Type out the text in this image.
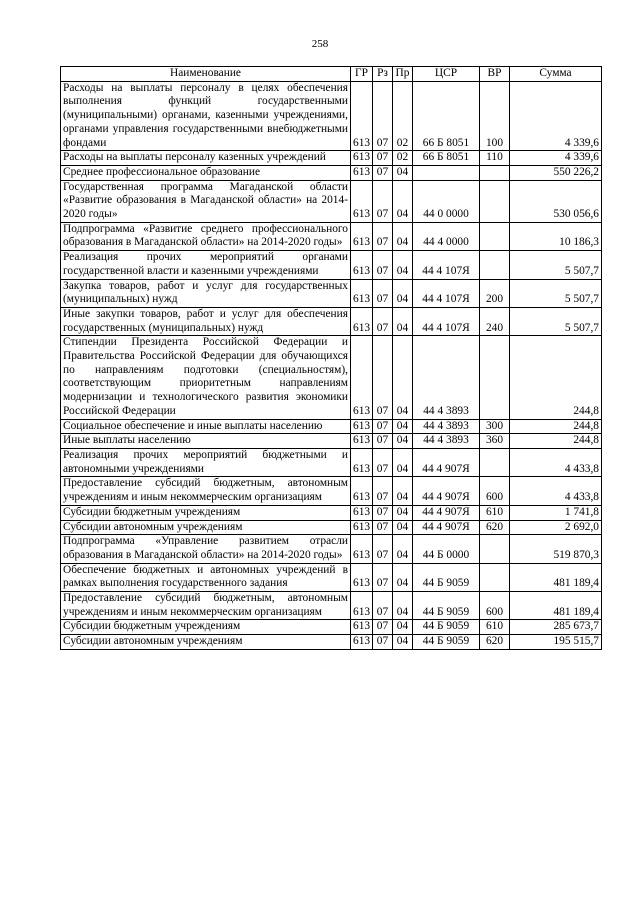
258
Наименование	ГР	Рз	Пр	ЦСР	ВР	Сумма
Расходы на выплаты персоналу в целях обеспечения выполнения функций государственными (муниципальными) органами, казенными учреждениями, органами управления государственными внебюджетными фондами	613	07	02	66 Б 8051	100	4 339,6
Расходы на выплаты персоналу казенных учреждений	613	07	02	66 Б 8051	110	4 339,6
Среднее профессиональное образование	613	07	04			550 226,2
Государственная программа Магаданской области «Развитие образования в Магаданской области» на 2014-2020 годы»	613	07	04	44 0 0000		530 056,6
Подпрограмма «Развитие среднего профессионального образования в Магаданской области» на 2014-2020 годы»	613	07	04	44 4 0000		10 186,3
Реализация прочих мероприятий органами государственной власти и казенными учреждениями	613	07	04	44 4 107Я		5 507,7
Закупка товаров, работ и услуг для государственных (муниципальных) нужд	613	07	04	44 4 107Я	200	5 507,7
Иные закупки товаров, работ и услуг для обеспечения государственных (муниципальных) нужд	613	07	04	44 4 107Я	240	5 507,7
Стипендии Президента Российской Федерации и Правительства Российской Федерации для обучающихся по направлениям подготовки (специальностям), соответствующим приоритетным направлениям модернизации и технологического развития экономики Российской Федерации	613	07	04	44 4 3893		244,8
Социальное обеспечение и иные выплаты населению	613	07	04	44 4 3893	300	244,8
Иные выплаты населению	613	07	04	44 4 3893	360	244,8
Реализация прочих мероприятий бюджетными и автономными учреждениями	613	07	04	44 4 907Я		4 433,8
Предоставление субсидий бюджетным, автономным учреждениям и иным некоммерческим организациям	613	07	04	44 4 907Я	600	4 433,8
Субсидии бюджетным учреждениям	613	07	04	44 4 907Я	610	1 741,8
Субсидии автономным учреждениям	613	07	04	44 4 907Я	620	2 692,0
Подпрограмма «Управление развитием отрасли образования в Магаданской области» на 2014-2020 годы»	613	07	04	44 Б 0000		519 870,3
Обеспечение бюджетных и автономных учреждений в рамках выполнения государственного задания	613	07	04	44 Б 9059		481 189,4
Предоставление субсидий бюджетным, автономным учреждениям и иным некоммерческим организациям	613	07	04	44 Б 9059	600	481 189,4
Субсидии бюджетным учреждениям	613	07	04	44 Б 9059	610	285 673,7
Субсидии автономным учреждениям	613	07	04	44 Б 9059	620	195 515,7
